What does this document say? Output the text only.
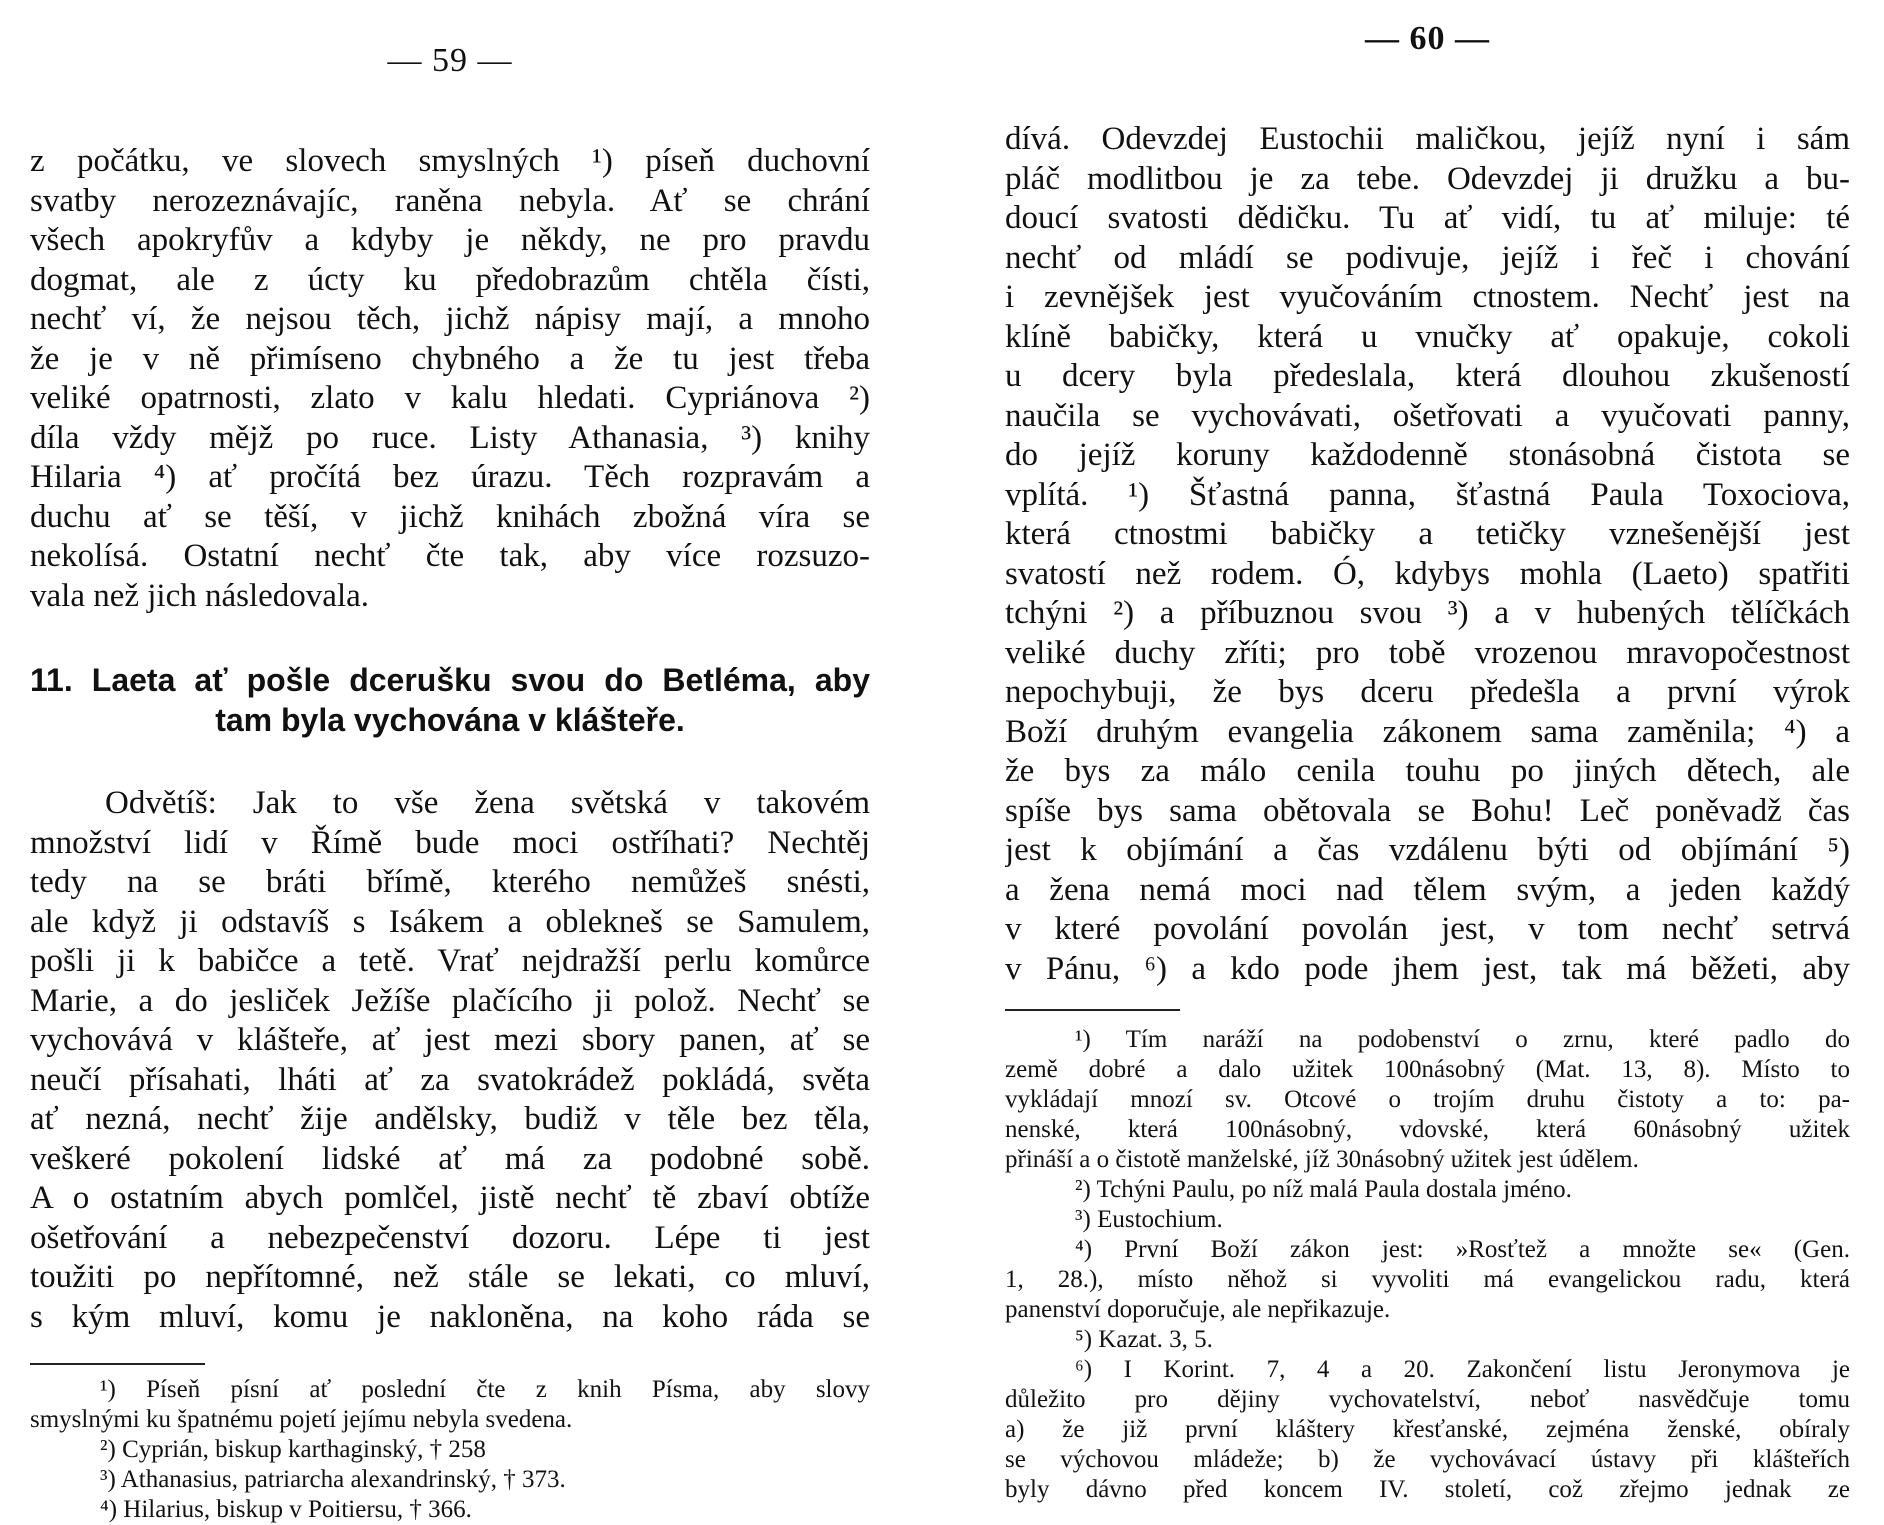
— 59 —
z počátku, ve slovech smyslných ¹) píseň duchovní
svatby nerozeznávajíc, raněna nebyla. Ať se chrání
všech apokryfův a kdyby je někdy, ne pro pravdu
dogmat, ale z úcty ku předobrazům chtěla čísti,
nechť ví, že nejsou těch, jichž nápisy mají, a mnoho
že je v ně přimíseno chybného a že tu jest třeba
veliké opatrnosti, zlato v kalu hledati. Cypriánova ²)
díla vždy mějž po ruce. Listy Athanasia, ³) knihy
Hilaria ⁴) ať pročítá bez úrazu. Těch rozpravám a
duchu ať se těší, v jichž knihách zbožná víra se
nekolísá. Ostatní nechť čte tak, aby více rozsuzo-
vala než jich následovala.
11. Laeta ať pošle dcerušku svou do Betléma, aby
tam byla vychována v klášteře.
Odvětíš: Jak to vše žena světská v takovém
množství lidí v Římě bude moci ostříhati? Nechtěj
tedy na se bráti břímě, kterého nemůžeš snésti,
ale když ji odstavíš s Isákem a oblekneš se Samulem,
pošli ji k babičce a tetě. Vrať nejdražší perlu komůrce
Marie, a do jesliček Ježíše plačícího ji polož. Nechť se
vychovává v klášteře, ať jest mezi sbory panen, ať se
neučí přísahati, lháti ať za svatokrádež pokládá, světa
ať nezná, nechť žije andělsky, budiž v těle bez těla,
veškeré pokolení lidské ať má za podobné sobě.
A o ostatním abych pomlčel, jistě nechť tě zbaví obtíže
ošetřování a nebezpečenství dozoru. Lépe ti jest
toužiti po nepřítomné, než stále se lekati, co mluví,
s kým mluví, komu je nakloněna, na koho ráda se
¹) Píseň písní ať poslední čte z knih Písma, aby slovy
smyslnými ku špatnému pojetí jejímu nebyla svedena.
²) Cyprián, biskup karthaginský, † 258
³) Athanasius, patriarcha alexandrinský, † 373.
⁴) Hilarius, biskup v Poitiersu, † 366.
— 60 —
dívá. Odevzdej Eustochii maličkou, jejíž nyní i sám
pláč modlitbou je za tebe. Odevzdej ji družku a bu-
doucí svatosti dědičku. Tu ať vidí, tu ať miluje: té
nechť od mládí se podivuje, jejíž i řeč i chování
i zevnějšek jest vyučováním ctnostem. Nechť jest na
klíně babičky, která u vnučky ať opakuje, cokoli
u dcery byla předeslala, která dlouhou zkušeností
naučila se vychovávati, ošetřovati a vyučovati panny,
do jejíž koruny každodenně stonásobná čistota se
vplítá. ¹) Šťastná panna, šťastná Paula Toxociova,
která ctnostmi babičky a tetičky vznešenější jest
svatostí než rodem. Ó, kdybys mohla (Laeto) spatřiti
tchýni ²) a příbuznou svou ³) a v hubených tělíčkách
veliké duchy zříti; pro tobě vrozenou mravopočestnost
nepochybuji, že bys dceru předešla a první výrok
Boží druhým evangelia zákonem sama zaměnila; ⁴) a
že bys za málo cenila touhu po jiných dětech, ale
spíše bys sama obětovala se Bohu! Leč poněvadž čas
jest k objímání a čas vzdálenu býti od objímání ⁵)
a žena nemá moci nad tělem svým, a jeden každý
v které povolání povolán jest, v tom nechť setrvá
v Pánu, ⁶) a kdo pode jhem jest, tak má běžeti, aby
¹) Tím naráží na podobenství o zrnu, které padlo do
země dobré a dalo užitek 100násobný (Mat. 13, 8). Místo to
vykládají mnozí sv. Otcové o trojím druhu čistoty a to: pa-
nenské, která 100násobný, vdovské, která 60násobný užitek
přináší a o čistotě manželské, jíž 30násobný užitek jest údělem.
²) Tchýni Paulu, po níž malá Paula dostala jméno.
³) Eustochium.
⁴) První Boží zákon jest: »Rosťtež a množte se« (Gen.
1, 28.), místo něhož si vyvoliti má evangelickou radu, která
panenství doporučuje, ale nepřikazuje.
⁵) Kazat. 3, 5.
⁶) I Korint. 7, 4 a 20. Zakončení listu Jeronymova je
důležito pro dějiny vychovatelství, neboť nasvědčuje tomu
a) že již první kláštery křesťanské, zejména ženské, obíraly
se výchovou mládeže; b) že vychovávací ústavy při klášteřích
byly dávno před koncem IV. století, což zřejmo jednak ze
